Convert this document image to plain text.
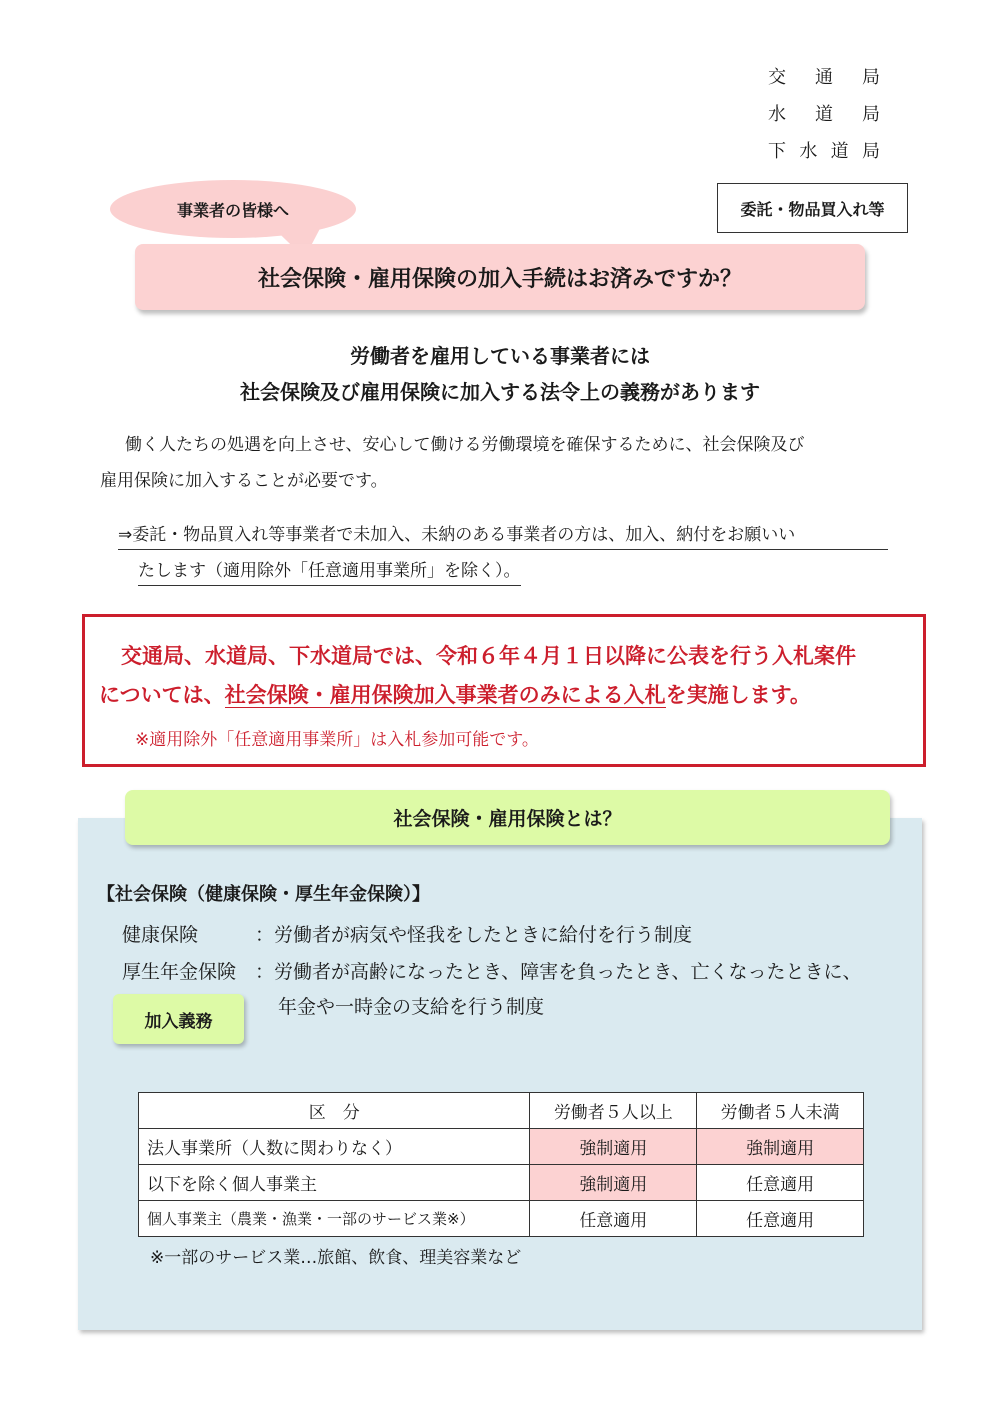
交 通 局
水 道 局
下 水 道 局
事業者の皆様へ	委託・物品買入れ等
社会保険・雇用保険の加入手続はお済みですか？
労働者を雇用している事業者には
社会保険及び雇用保険に加入する法令上の義務があります
働く人たちの処遇を向上させ、安心して働ける労働環境を確保するために、社会保険及び
雇用保険に加入することが必要です。
⇒委託・物品買入れ等事業者で未加入、未納のある事業者の方は、加入、納付をお願いい
たします（適用除外「任意適用事業所」を除く）。
交通局、水道局、下水道局では、令和６年４月１日以降に公表を行う入札案件
については、社会保険・雇用保険加入事業者のみによる入札を実施します。
※適用除外「任意適用事業所」は入札参加可能です。
社会保険・雇用保険とは？
【社会保険（健康保険・厚生年金保険）】
健康保険　　 ：労働者が病気や怪我をしたときに給付を行う制度
厚生年金保険 ：労働者が高齢になったとき、障害を負ったとき、亡くなったときに、
年金や一時金の支給を行う制度
加入義務
区　分	労働者５人以上	労働者５人未満
法人事業所（人数に関わりなく）	強制適用	強制適用
以下を除く個人事業主	強制適用	任意適用
個人事業主（農業・漁業・一部のサービス業※）	任意適用	任意適用
※一部のサービス業…旅館、飲食、理美容業など
